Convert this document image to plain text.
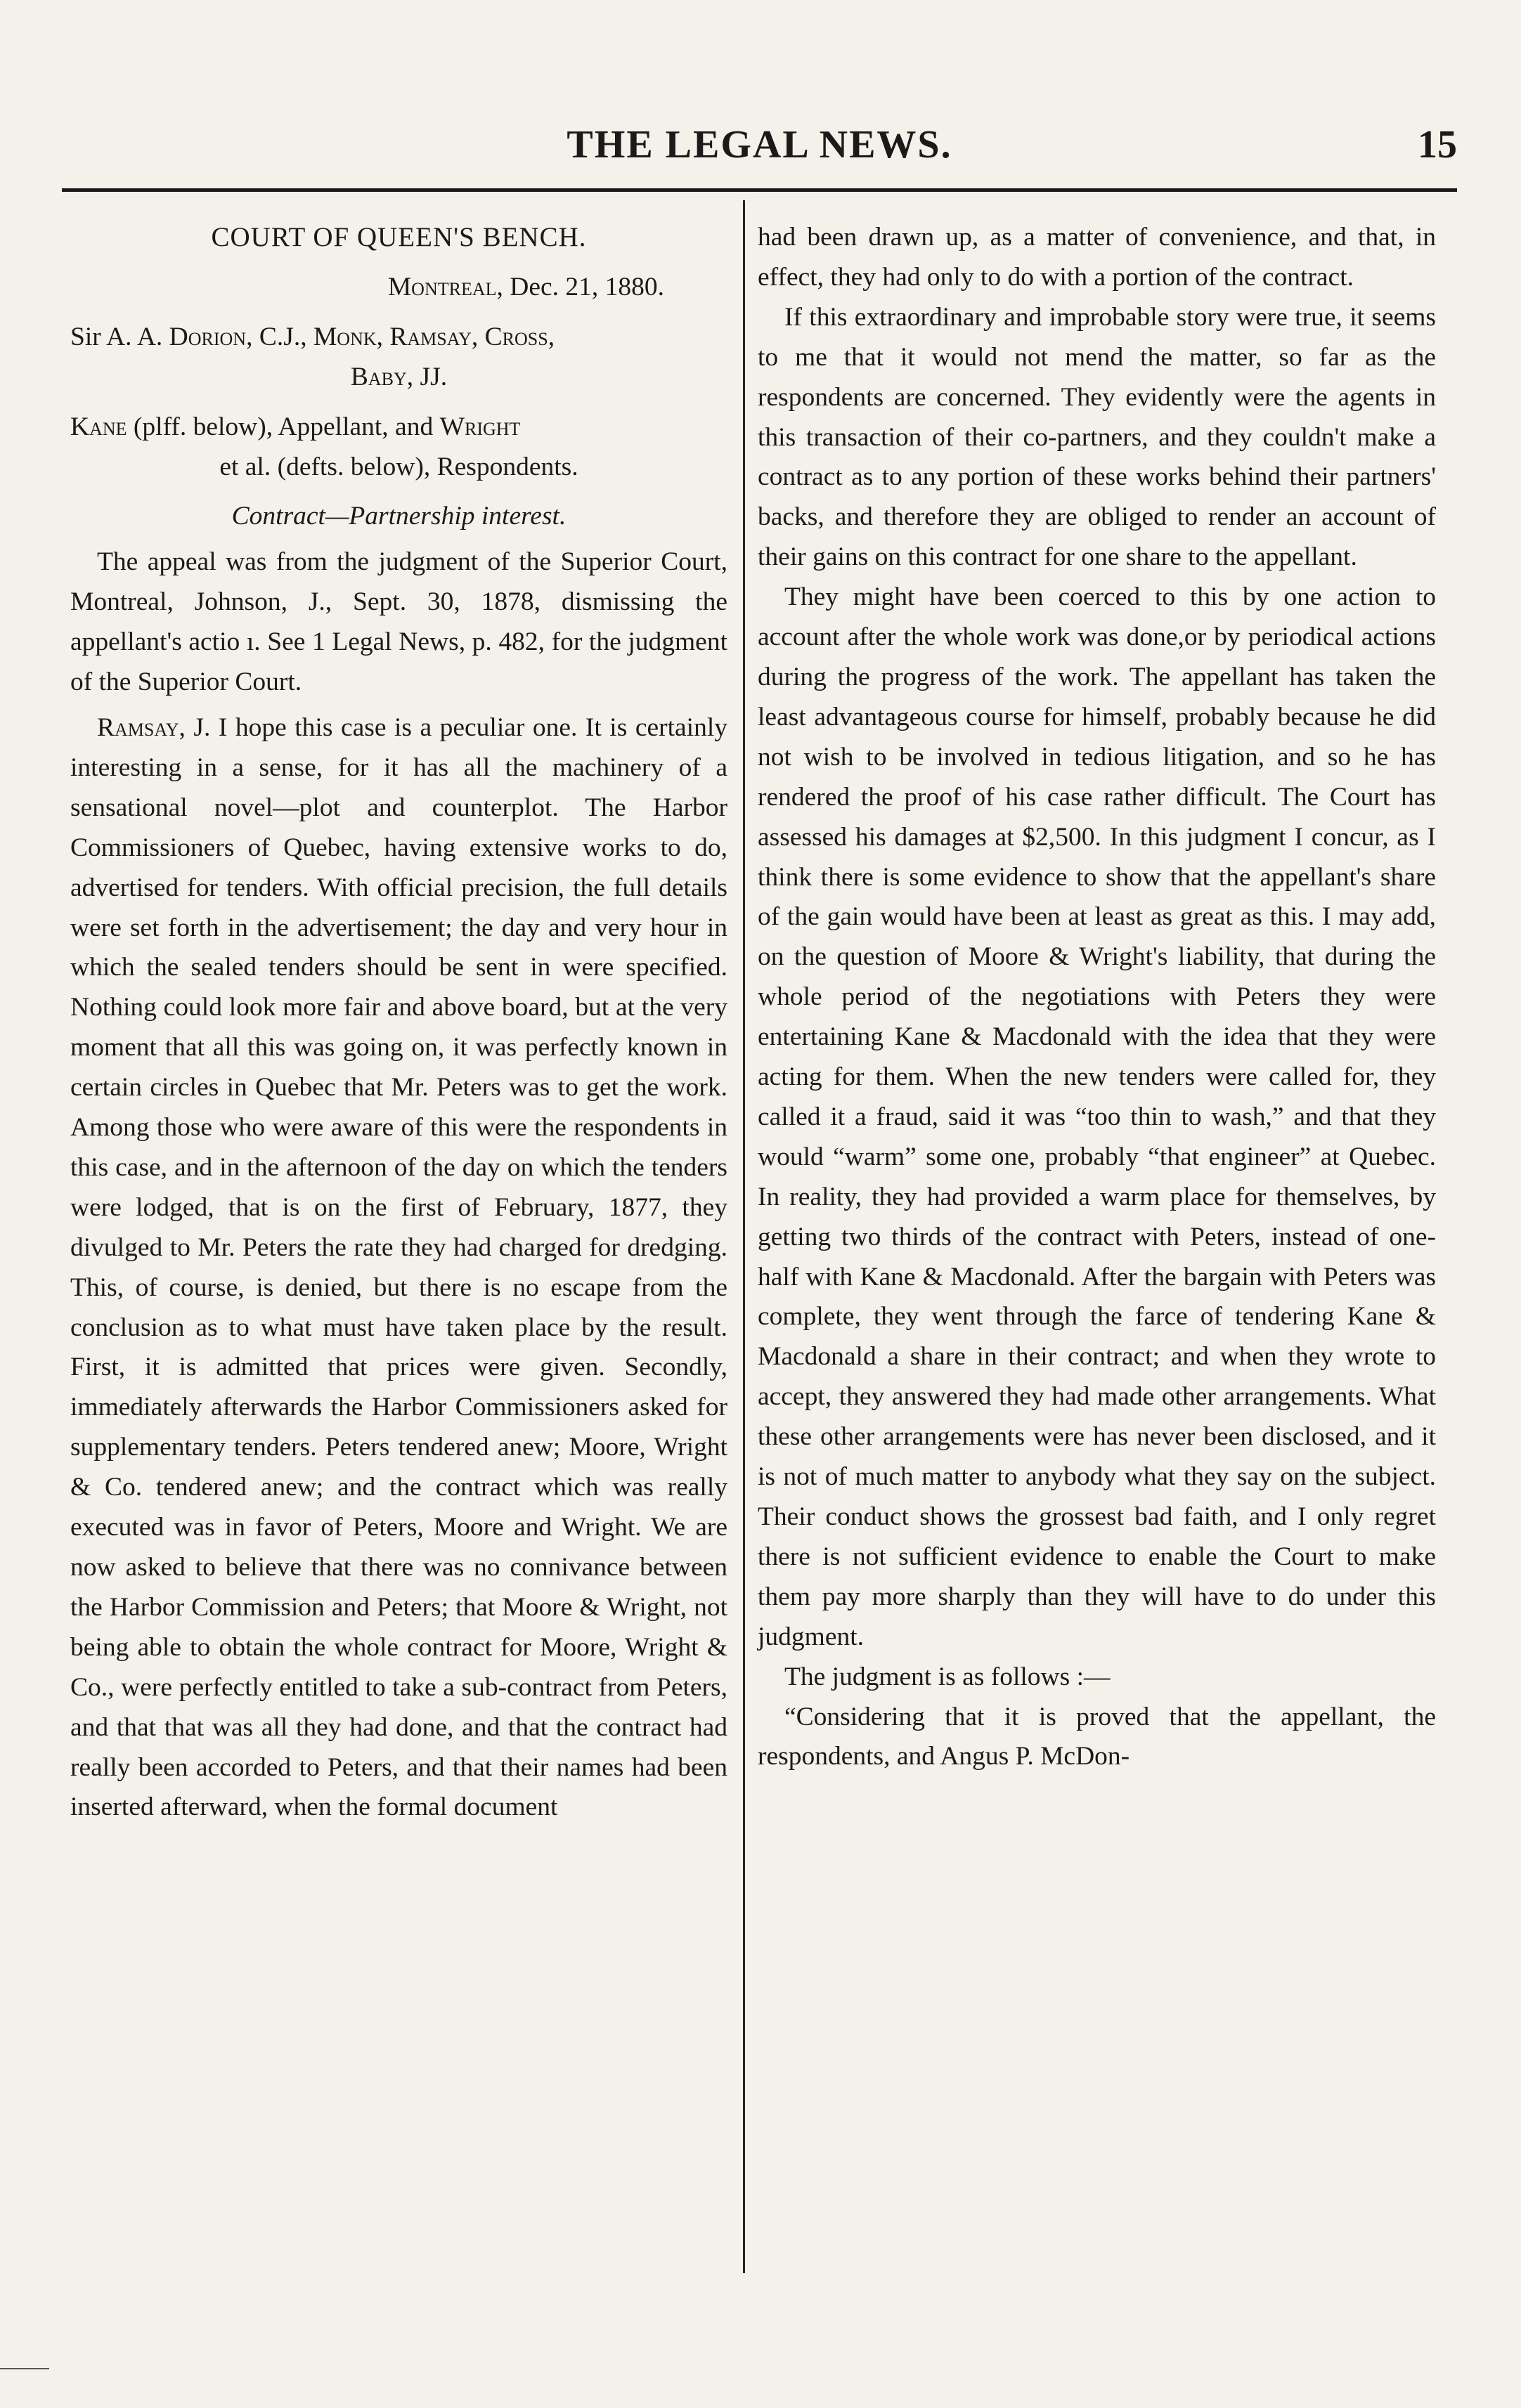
THE LEGAL NEWS.	15

COURT OF QUEEN'S BENCH.

Montreal, Dec. 21, 1880.

Sir A. A. Dorion, C.J., Monk, Ramsay, Cross,

Baby, JJ.

Kane (plff. below), Appellant, and Wright

et al. (defts. below), Respondents.

Contract—Partnership interest.

The appeal was from the judgment of the Superior Court, Montreal, Johnson, J., Sept. 30, 1878, dismissing the appellant's actio ı. See 1 Legal News, p. 482, for the judgment of the Superior Court.

Ramsay, J. I hope this case is a peculiar one. It is certainly interesting in a sense, for it has all the machinery of a sensational novel—plot and counterplot. The Harbor Commissioners of Quebec, having extensive works to do, advertised for tenders. With official precision, the full details were set forth in the advertisement; the day and very hour in which the sealed tenders should be sent in were specified. Nothing could look more fair and above board, but at the very moment that all this was going on, it was perfectly known in certain circles in Quebec that Mr. Peters was to get the work. Among those who were aware of this were the respondents in this case, and in the afternoon of the day on which the tenders were lodged, that is on the first of February, 1877, they divulged to Mr. Peters the rate they had charged for dredging. This, of course, is denied, but there is no escape from the conclusion as to what must have taken place by the result. First, it is admitted that prices were given. Secondly, immediately afterwards the Harbor Commissioners asked for supplementary tenders. Peters tendered anew; Moore, Wright & Co. tendered anew; and the contract which was really executed was in favor of Peters, Moore and Wright. We are now asked to believe that there was no connivance between the Harbor Commission and Peters; that Moore & Wright, not being able to obtain the whole contract for Moore, Wright & Co., were perfectly entitled to take a sub-contract from Peters, and that that was all they had done, and that the contract had really been accorded to Peters, and that their names had been inserted afterward, when the formal document

had been drawn up, as a matter of convenience, and that, in effect, they had only to do with a portion of the contract.

If this extraordinary and improbable story were true, it seems to me that it would not mend the matter, so far as the respondents are concerned. They evidently were the agents in this transaction of their co-partners, and they couldn't make a contract as to any portion of these works behind their partners' backs, and therefore they are obliged to render an account of their gains on this contract for one share to the appellant.

They might have been coerced to this by one action to account after the whole work was done,or by periodical actions during the progress of the work. The appellant has taken the least advantageous course for himself, probably because he did not wish to be involved in tedious litigation, and so he has rendered the proof of his case rather difficult. The Court has assessed his damages at $2,500. In this judgment I concur, as I think there is some evidence to show that the appellant's share of the gain would have been at least as great as this. I may add, on the question of Moore & Wright's liability, that during the whole period of the negotiations with Peters they were entertaining Kane & Macdonald with the idea that they were acting for them. When the new tenders were called for, they called it a fraud, said it was “too thin to wash,” and that they would “warm” some one, probably “that engineer” at Quebec. In reality, they had provided a warm place for themselves, by getting two thirds of the contract with Peters, instead of one-half with Kane & Macdonald. After the bargain with Peters was complete, they went through the farce of tendering Kane & Macdonald a share in their contract; and when they wrote to accept, they answered they had made other arrangements. What these other arrangements were has never been disclosed, and it is not of much matter to anybody what they say on the subject. Their conduct shows the grossest bad faith, and I only regret there is not sufficient evidence to enable the Court to make them pay more sharply than they will have to do under this judgment.

The judgment is as follows :—

“Considering that it is proved that the appellant, the respondents, and Angus P. McDon-
